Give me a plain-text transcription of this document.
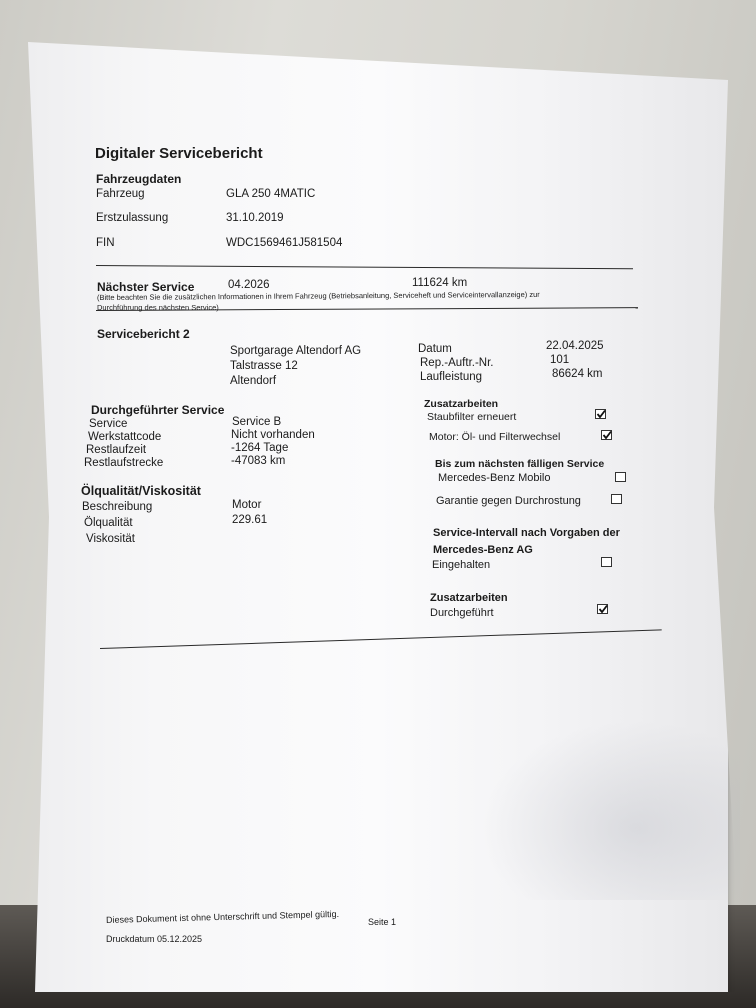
Digitaler Servicebericht
Fahrzeugdaten
Fahrzeug	GLA 250 4MATIC
Erstzulassung	31.10.2019
FIN	WDC1569461J581504
Nächster Service	04.2026	111624 km
(Bitte beachten Sie die zusätzlichen Informationen in Ihrem Fahrzeug (Betriebsanleitung, Serviceheft und Serviceintervallanzeige) zur
Durchführung des nächsten Service)
Servicebericht 2
Sportgarage Altendorf AG
Talstrasse 12
Altendorf
Datum	22.04.2025
Rep.-Auftr.-Nr.	101
Laufleistung	86624 km
Durchgeführter Service
Service	Service B
Werkstattcode	Nicht vorhanden
Restlaufzeit	-1264 Tage
Restlaufstrecke	-47083 km
Ölqualität/Viskosität
Beschreibung	Motor
Ölqualität	229.61
Viskosität
Zusatzarbeiten
Staubfilter erneuert
Motor: Öl- und Filterwechsel
Bis zum nächsten fälligen Service
Mercedes-Benz Mobilo
Garantie gegen Durchrostung
Service-Intervall nach Vorgaben der
Mercedes-Benz AG
Eingehalten
Zusatzarbeiten
Durchgeführt
Dieses Dokument ist ohne Unterschrift und Stempel gültig.
Druckdatum 05.12.2025
Seite 1
